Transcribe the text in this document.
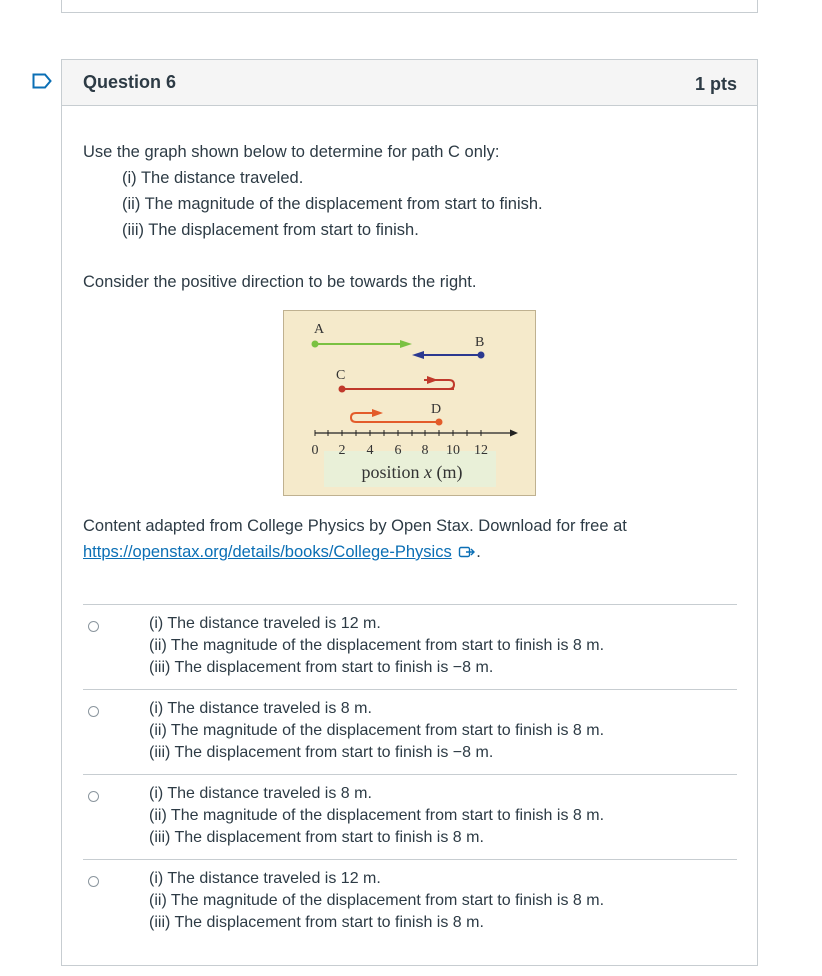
Question 6	1 pts
Use the graph shown below to determine for path C only:
(i) The distance traveled.
(ii) The magnitude of the displacement from start to finish.
(iii) The displacement from start to finish.
Consider the positive direction to be towards the right.
A
B
C
D
0 2 4 6 8 10 12
position x (m)
Content adapted from College Physics by Open Stax. Download for free at
https://openstax.org/details/books/College-Physics .
(i) The distance traveled is 12 m.
(ii) The magnitude of the displacement from start to finish is 8 m.
(iii) The displacement from start to finish is −8 m.
(i) The distance traveled is 8 m.
(ii) The magnitude of the displacement from start to finish is 8 m.
(iii) The displacement from start to finish is −8 m.
(i) The distance traveled is 8 m.
(ii) The magnitude of the displacement from start to finish is 8 m.
(iii) The displacement from start to finish is 8 m.
(i) The distance traveled is 12 m.
(ii) The magnitude of the displacement from start to finish is 8 m.
(iii) The displacement from start to finish is 8 m.
